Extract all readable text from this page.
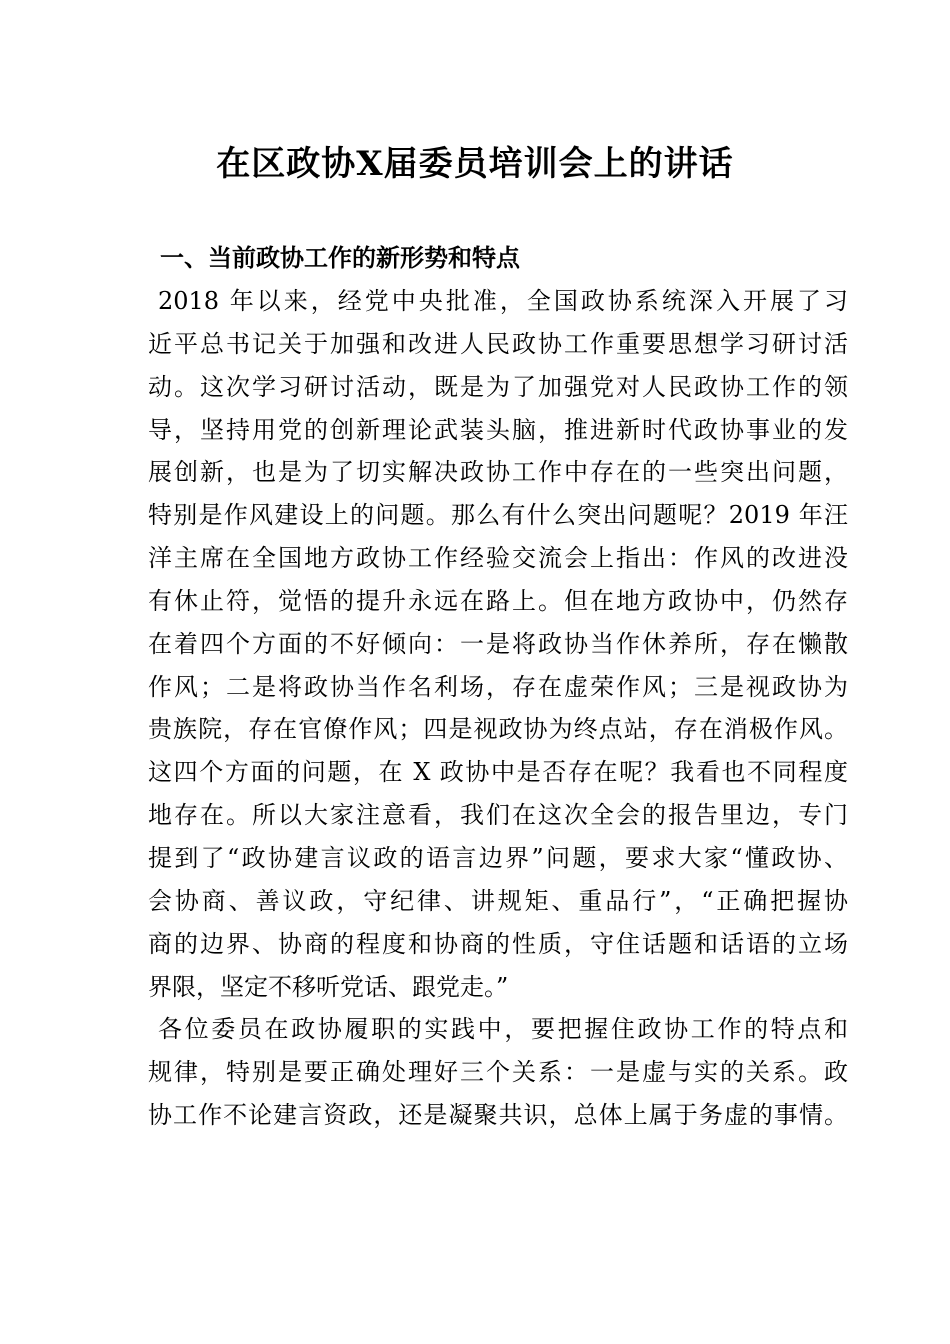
在区政协X届委员培训会上的讲话
一、当前政协工作的新形势和特点
2018 年以来，经党中央批准，全国政协系统深入开展了习
近平总书记关于加强和改进人民政协工作重要思想学习研讨活
动。这次学习研讨活动，既是为了加强党对人民政协工作的领
导，坚持用党的创新理论武装头脑，推进新时代政协事业的发
展创新，也是为了切实解决政协工作中存在的一些突出问题，
特别是作风建设上的问题。那么有什么突出问题呢？2019 年汪
洋主席在全国地方政协工作经验交流会上指出：作风的改进没
有休止符，觉悟的提升永远在路上。但在地方政协中，仍然存
在着四个方面的不好倾向：一是将政协当作休养所，存在懒散
作风；二是将政协当作名利场，存在虚荣作风；三是视政协为
贵族院，存在官僚作风；四是视政协为终点站，存在消极作风。
这四个方面的问题，在 X 政协中是否存在呢？我看也不同程度
地存在。所以大家注意看，我们在这次全会的报告里边，专门
提到了“政协建言议政的语言边界”问题，要求大家“懂政协、
会协商、善议政，守纪律、讲规矩、重品行”，“正确把握协
商的边界、协商的程度和协商的性质，守住话题和话语的立场
界限，坚定不移听党话、跟党走。”
各位委员在政协履职的实践中，要把握住政协工作的特点和
规律，特别是要正确处理好三个关系：一是虚与实的关系。政
协工作不论建言资政，还是凝聚共识，总体上属于务虚的事情。
